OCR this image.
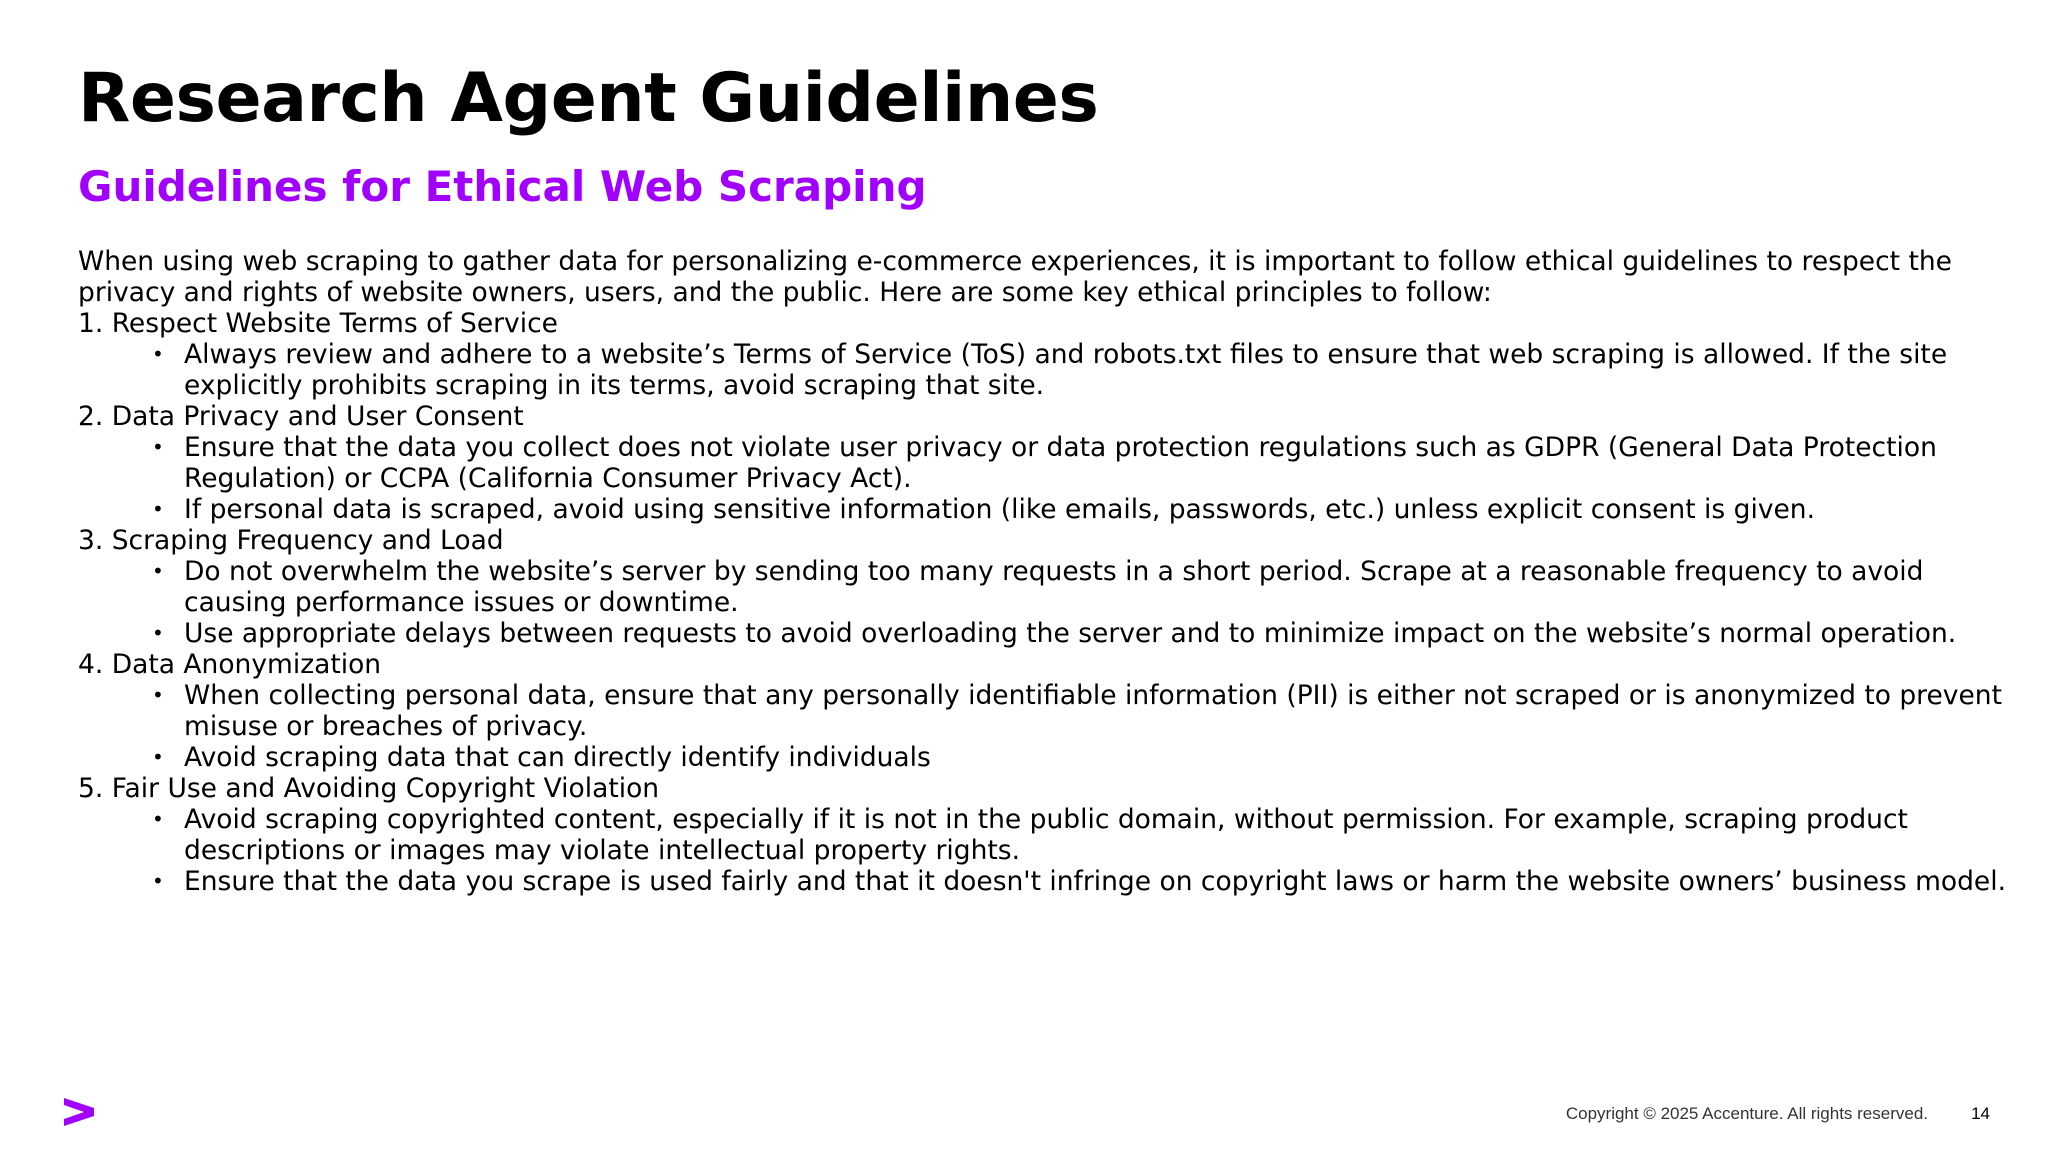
Research Agent Guidelines
Guidelines for Ethical Web Scraping

When using web scraping to gather data for personalizing e-commerce experiences, it is important to follow ethical guidelines to respect the privacy and rights of website owners, users, and the public. Here are some key ethical principles to follow:

1. Respect Website Terms of Service

• Always review and adhere to a website’s Terms of Service (ToS) and robots.txt files to ensure that web scraping is allowed. If the site explicitly prohibits scraping in its terms, avoid scraping that site.

2. Data Privacy and User Consent

• Ensure that the data you collect does not violate user privacy or data protection regulations such as GDPR (General Data Protection Regulation) or CCPA (California Consumer Privacy Act).
• If personal data is scraped, avoid using sensitive information (like emails, passwords, etc.) unless explicit consent is given.

3. Scraping Frequency and Load

• Do not overwhelm the website’s server by sending too many requests in a short period. Scrape at a reasonable frequency to avoid causing performance issues or downtime.
• Use appropriate delays between requests to avoid overloading the server and to minimize impact on the website’s normal operation.

4. Data Anonymization

• When collecting personal data, ensure that any personally identifiable information (PII) is either not scraped or is anonymized to prevent misuse or breaches of privacy.
• Avoid scraping data that can directly identify individuals

5. Fair Use and Avoiding Copyright Violation

• Avoid scraping copyrighted content, especially if it is not in the public domain, without permission. For example, scraping product descriptions or images may violate intellectual property rights.
• Ensure that the data you scrape is used fairly and that it doesn't infringe on copyright laws or harm the website owners’ business model.
Copyright © 2025 Accenture. All rights reserved.	14
